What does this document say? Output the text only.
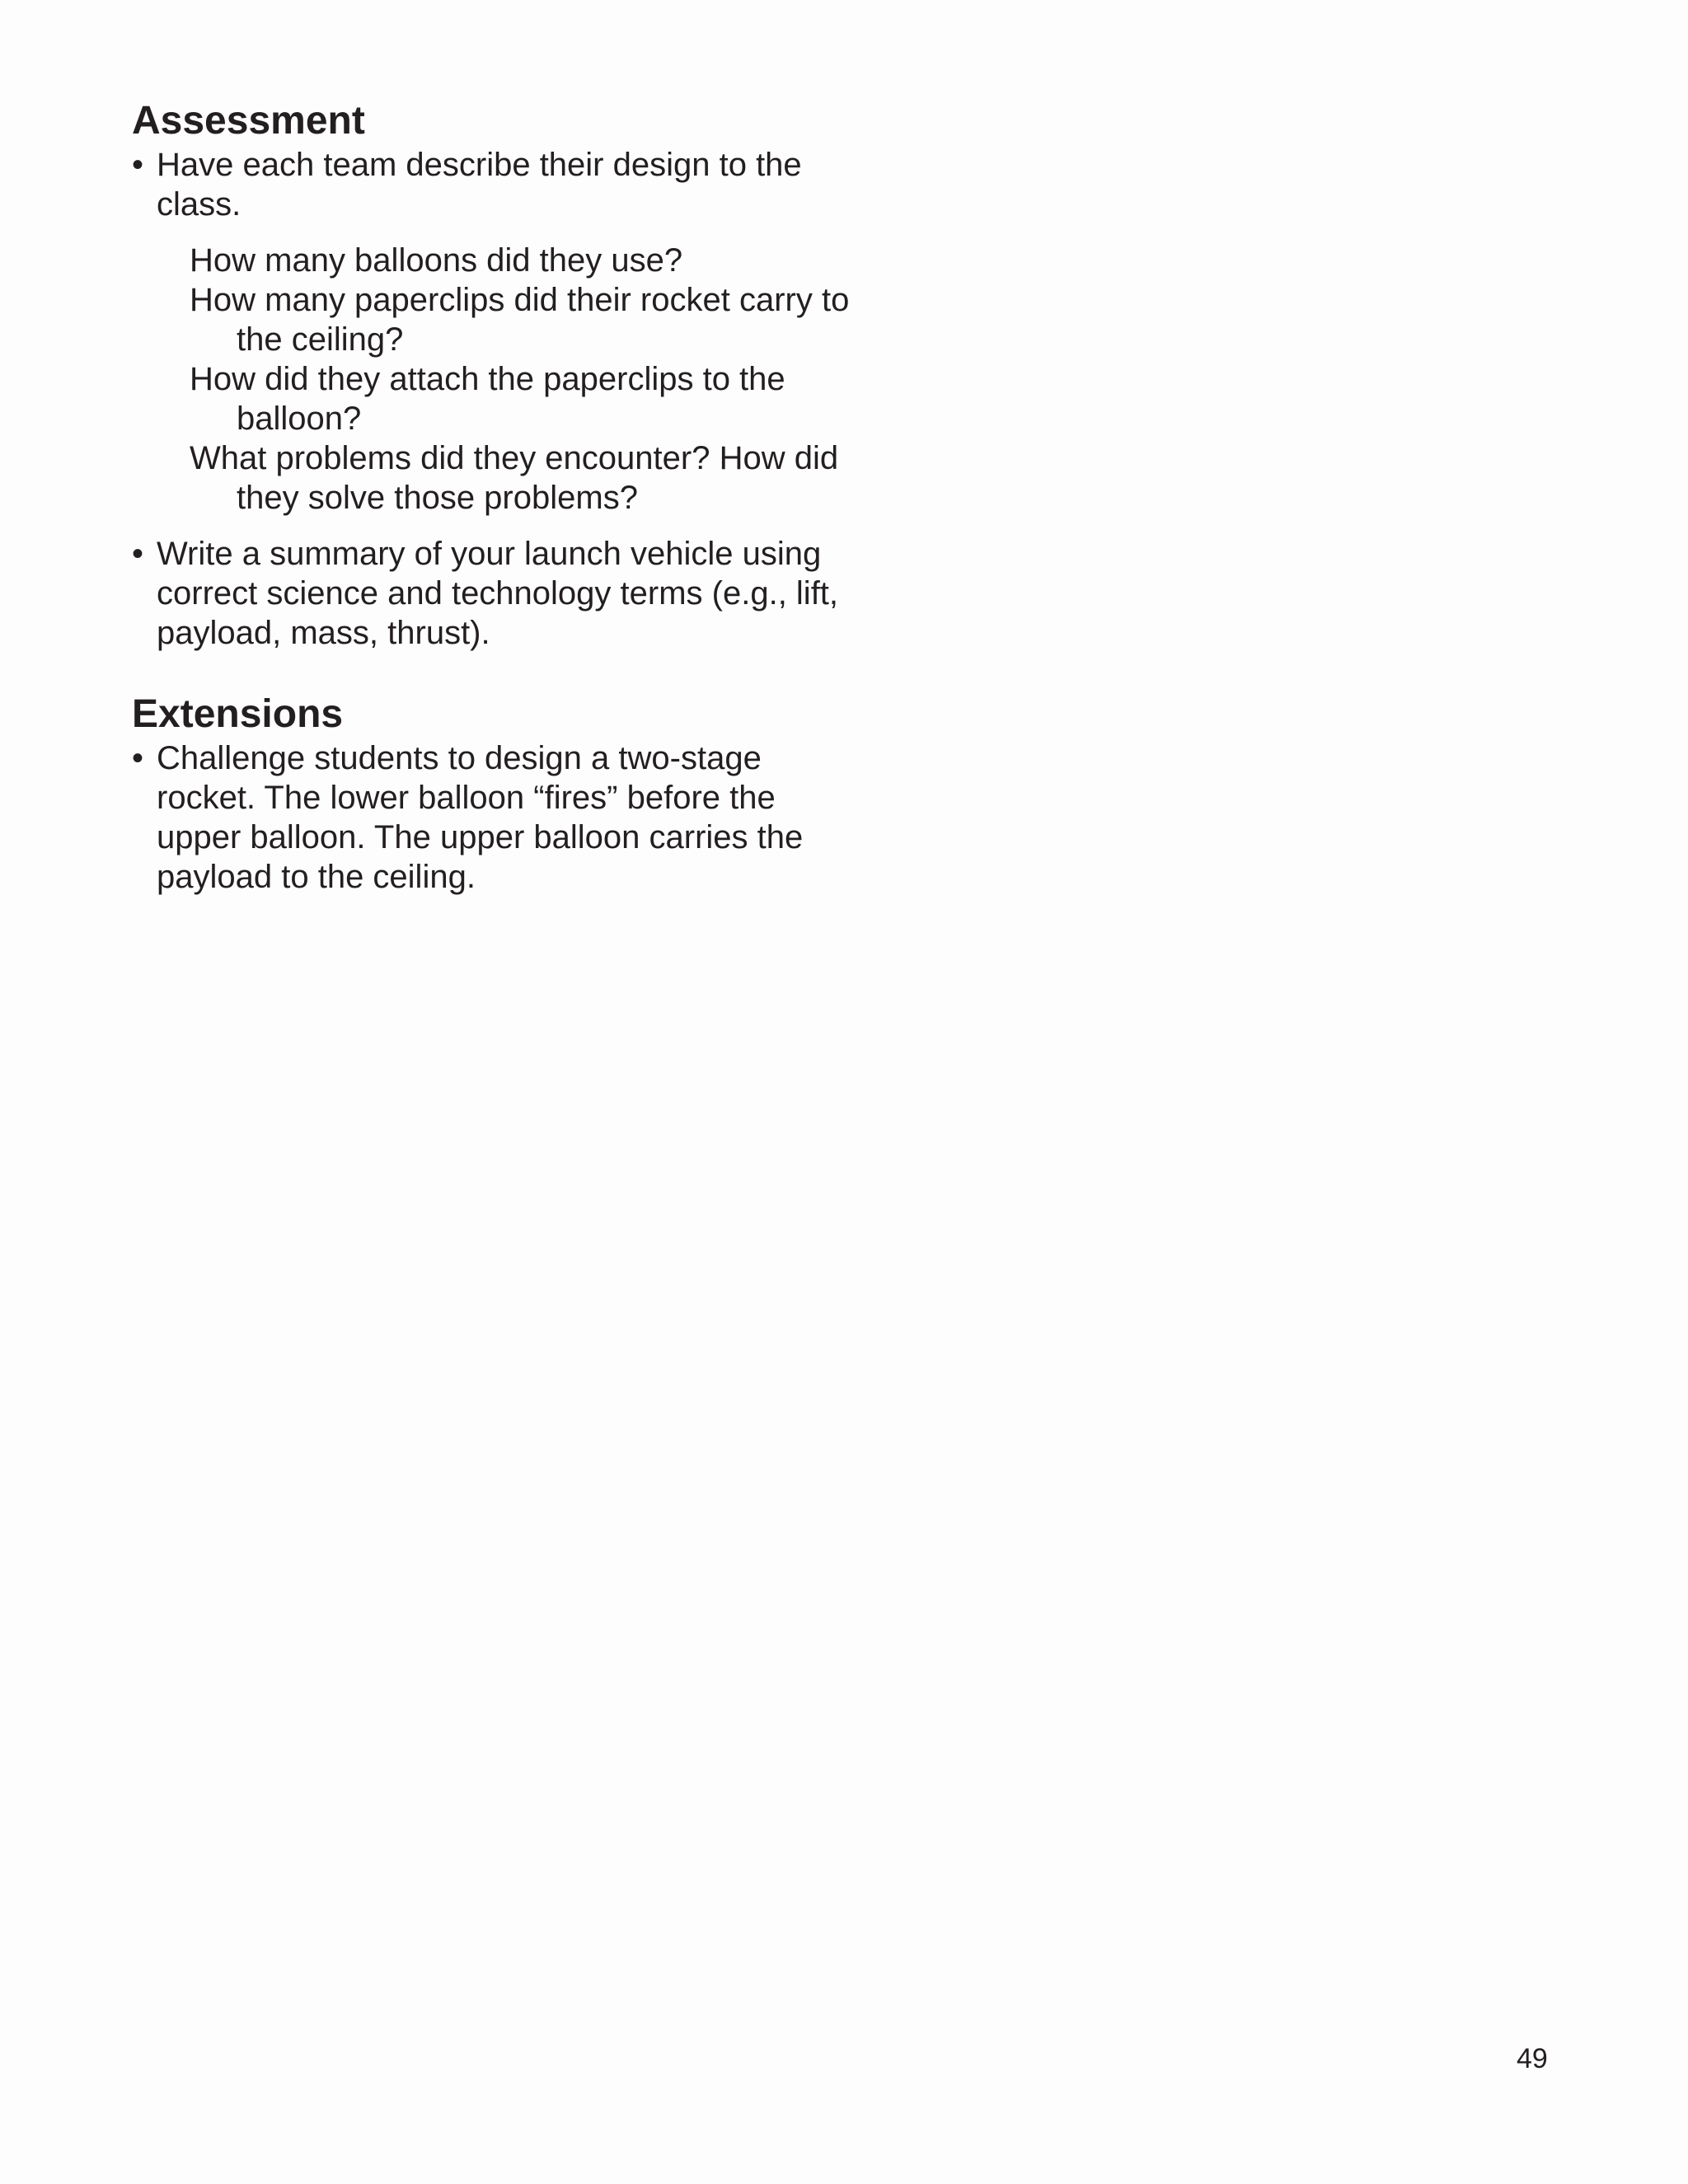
Assessment
• Have each team describe their design to the class.
How many balloons did they use?
How many paperclips did their rocket carry to the ceiling?
How did they attach the paperclips to the balloon?
What problems did they encounter? How did they solve those problems?
• Write a summary of your launch vehicle using correct science and technology terms (e.g., lift, payload, mass, thrust).
Extensions
• Challenge students to design a two-stage rocket. The lower balloon “fires” before the upper balloon. The upper balloon carries the payload to the ceiling.
49
